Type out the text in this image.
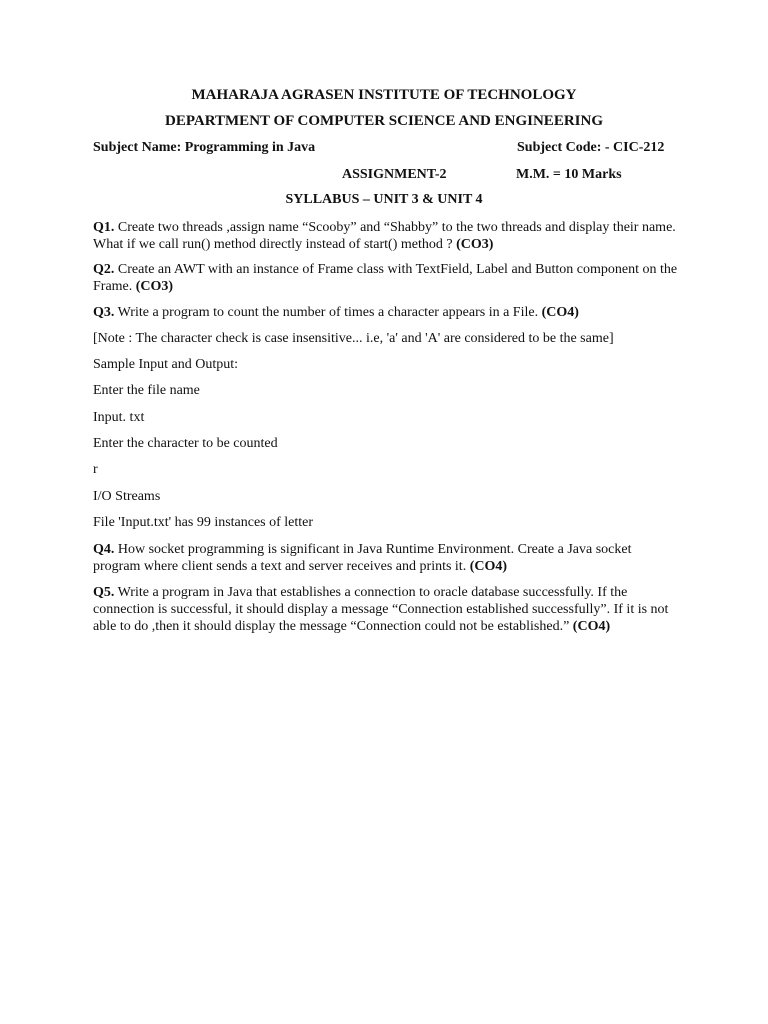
MAHARAJA AGRASEN INSTITUTE OF TECHNOLOGY
DEPARTMENT OF COMPUTER SCIENCE AND ENGINEERING
Subject Name: Programming in Java	Subject Code: - CIC-212
ASSIGNMENT-2	M.M. = 10 Marks
SYLLABUS – UNIT 3 & UNIT 4
Q1. Create two threads ,assign name “Scooby” and “Shabby” to the two threads and display their name. What if we call run() method directly instead of start() method ? (CO3)
Q2. Create an AWT with an instance of Frame class with TextField, Label and Button component on the Frame. (CO3)
Q3. Write a program to count the number of times a character appears in a File. (CO4)
[Note : The character check is case insensitive... i.e, 'a' and 'A' are considered to be the same]
Sample Input and Output:
Enter the file name
Input. txt
Enter the character to be counted
r
I/O Streams
File 'Input.txt' has 99 instances of letter
Q4. How socket programming is significant in Java Runtime Environment. Create a Java socket program where client sends a text and server receives and prints it. (CO4)
Q5. Write a program in Java that establishes a connection to oracle database successfully. If the connection is successful, it should display a message “Connection established successfully”. If it is not able to do ,then it should display the message “Connection could not be established.” (CO4)
